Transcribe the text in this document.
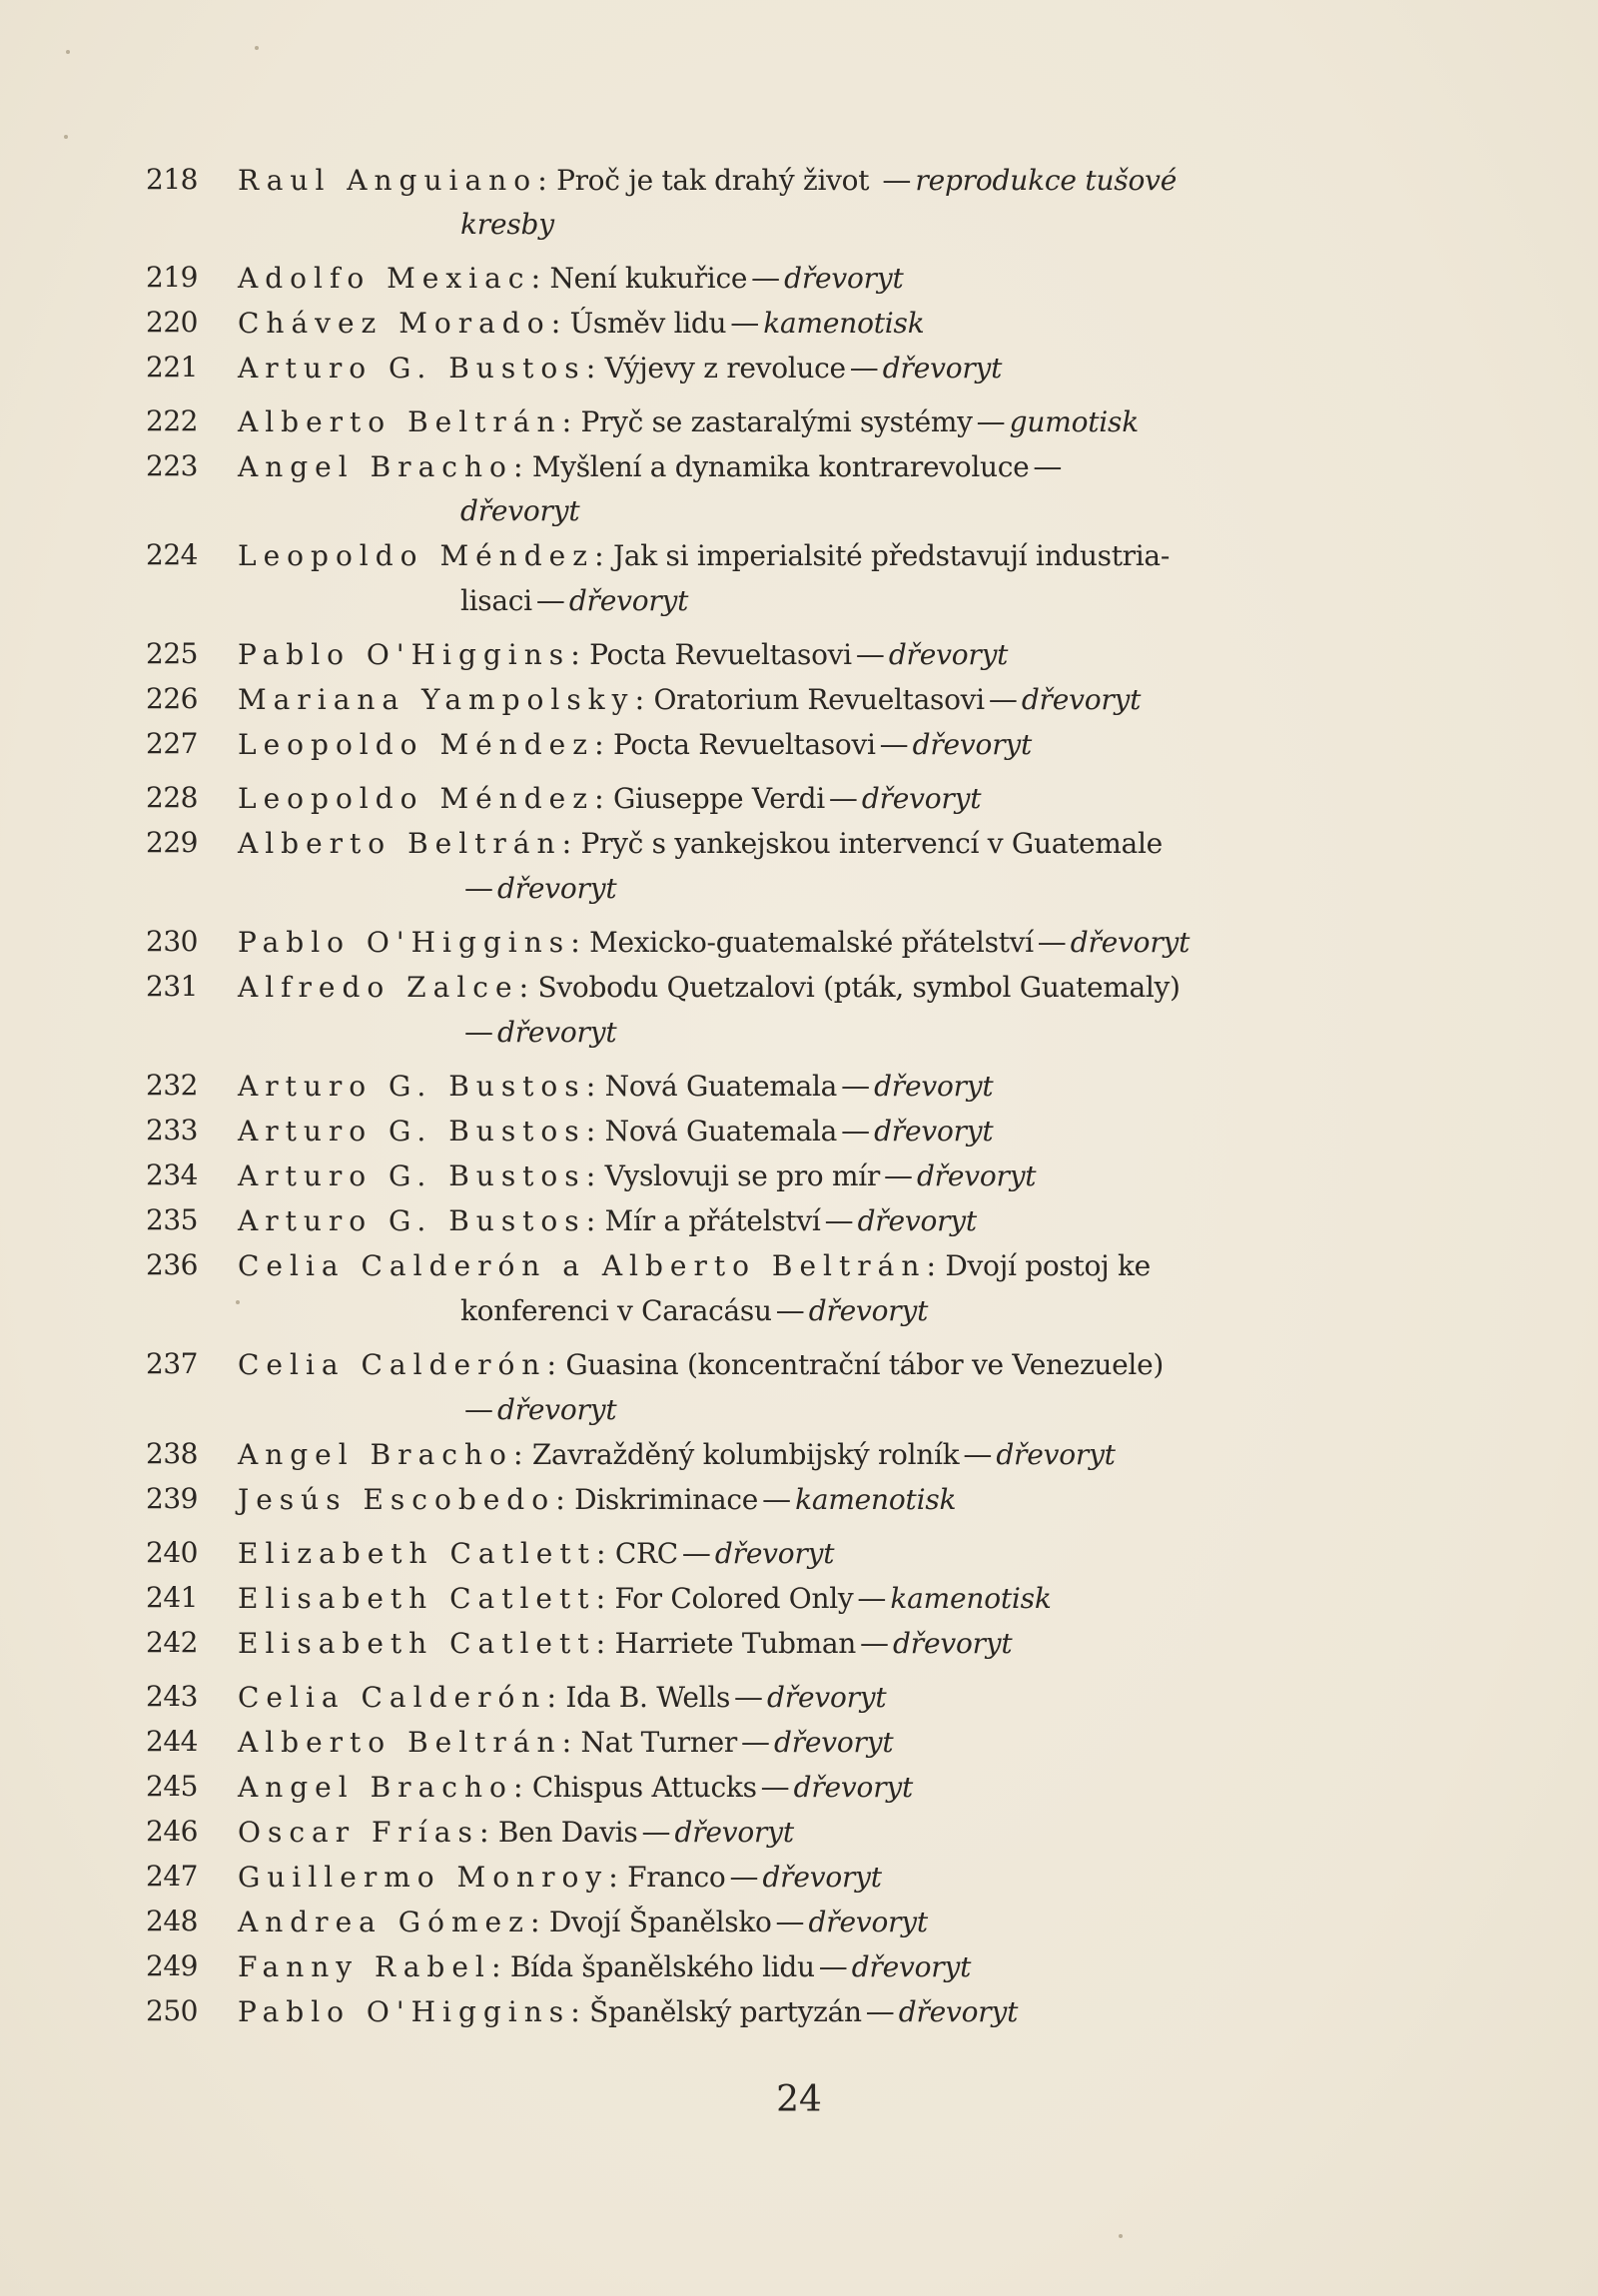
218	Raul Anguiano: Proč je tak drahý život — reprodukce tušové
kresby
219	Adolfo Mexiac: Není kukuřice — dřevoryt
220	Chávez Morado: Úsměv lidu — kamenotisk
221	Arturo G. Bustos: Výjevy z revoluce — dřevoryt
222	Alberto Beltrán: Pryč se zastaralými systémy — gumotisk
223	Angel Bracho: Myšlení a dynamika kontrarevoluce —
dřevoryt
224	Leopoldo Méndez: Jak si imperialsité představují industria-
lisaci — dřevoryt
225	Pablo O'Higgins: Pocta Revueltasovi — dřevoryt
226	Mariana Yampolsky: Oratorium Revueltasovi — dřevoryt
227	Leopoldo Méndez: Pocta Revueltasovi — dřevoryt
228	Leopoldo Méndez: Giuseppe Verdi — dřevoryt
229	Alberto Beltrán: Pryč s yankejskou intervencí v Guatemale
— dřevoryt
230	Pablo O'Higgins: Mexicko-guatemalské přátelství — dřevoryt
231	Alfredo Zalce: Svobodu Quetzalovi (pták, symbol Guatemaly)
— dřevoryt
232	Arturo G. Bustos: Nová Guatemala — dřevoryt
233	Arturo G. Bustos: Nová Guatemala — dřevoryt
234	Arturo G. Bustos: Vyslovuji se pro mír — dřevoryt
235	Arturo G. Bustos: Mír a přátelství — dřevoryt
236	Celia Calderón a Alberto Beltrán: Dvojí postoj ke
konferenci v Caracásu — dřevoryt
237	Celia Calderón: Guasina (koncentrační tábor ve Venezuele)
— dřevoryt
238	Angel Bracho: Zavražděný kolumbijský rolník — dřevoryt
239	Jesús Escobedo: Diskriminace — kamenotisk
240	Elizabeth Catlett: CRC — dřevoryt
241	Elisabeth Catlett: For Colored Only — kamenotisk
242	Elisabeth Catlett: Harriete Tubman — dřevoryt
243	Celia Calderón: Ida B. Wells — dřevoryt
244	Alberto Beltrán: Nat Turner — dřevoryt
245	Angel Bracho: Chispus Attucks — dřevoryt
246	Oscar Frías: Ben Davis — dřevoryt
247	Guillermo Monroy: Franco — dřevoryt
248	Andrea Gómez: Dvojí Španělsko — dřevoryt
249	Fanny Rabel: Bída španělského lidu — dřevoryt
250	Pablo O'Higgins: Španělský partyzán — dřevoryt
24
